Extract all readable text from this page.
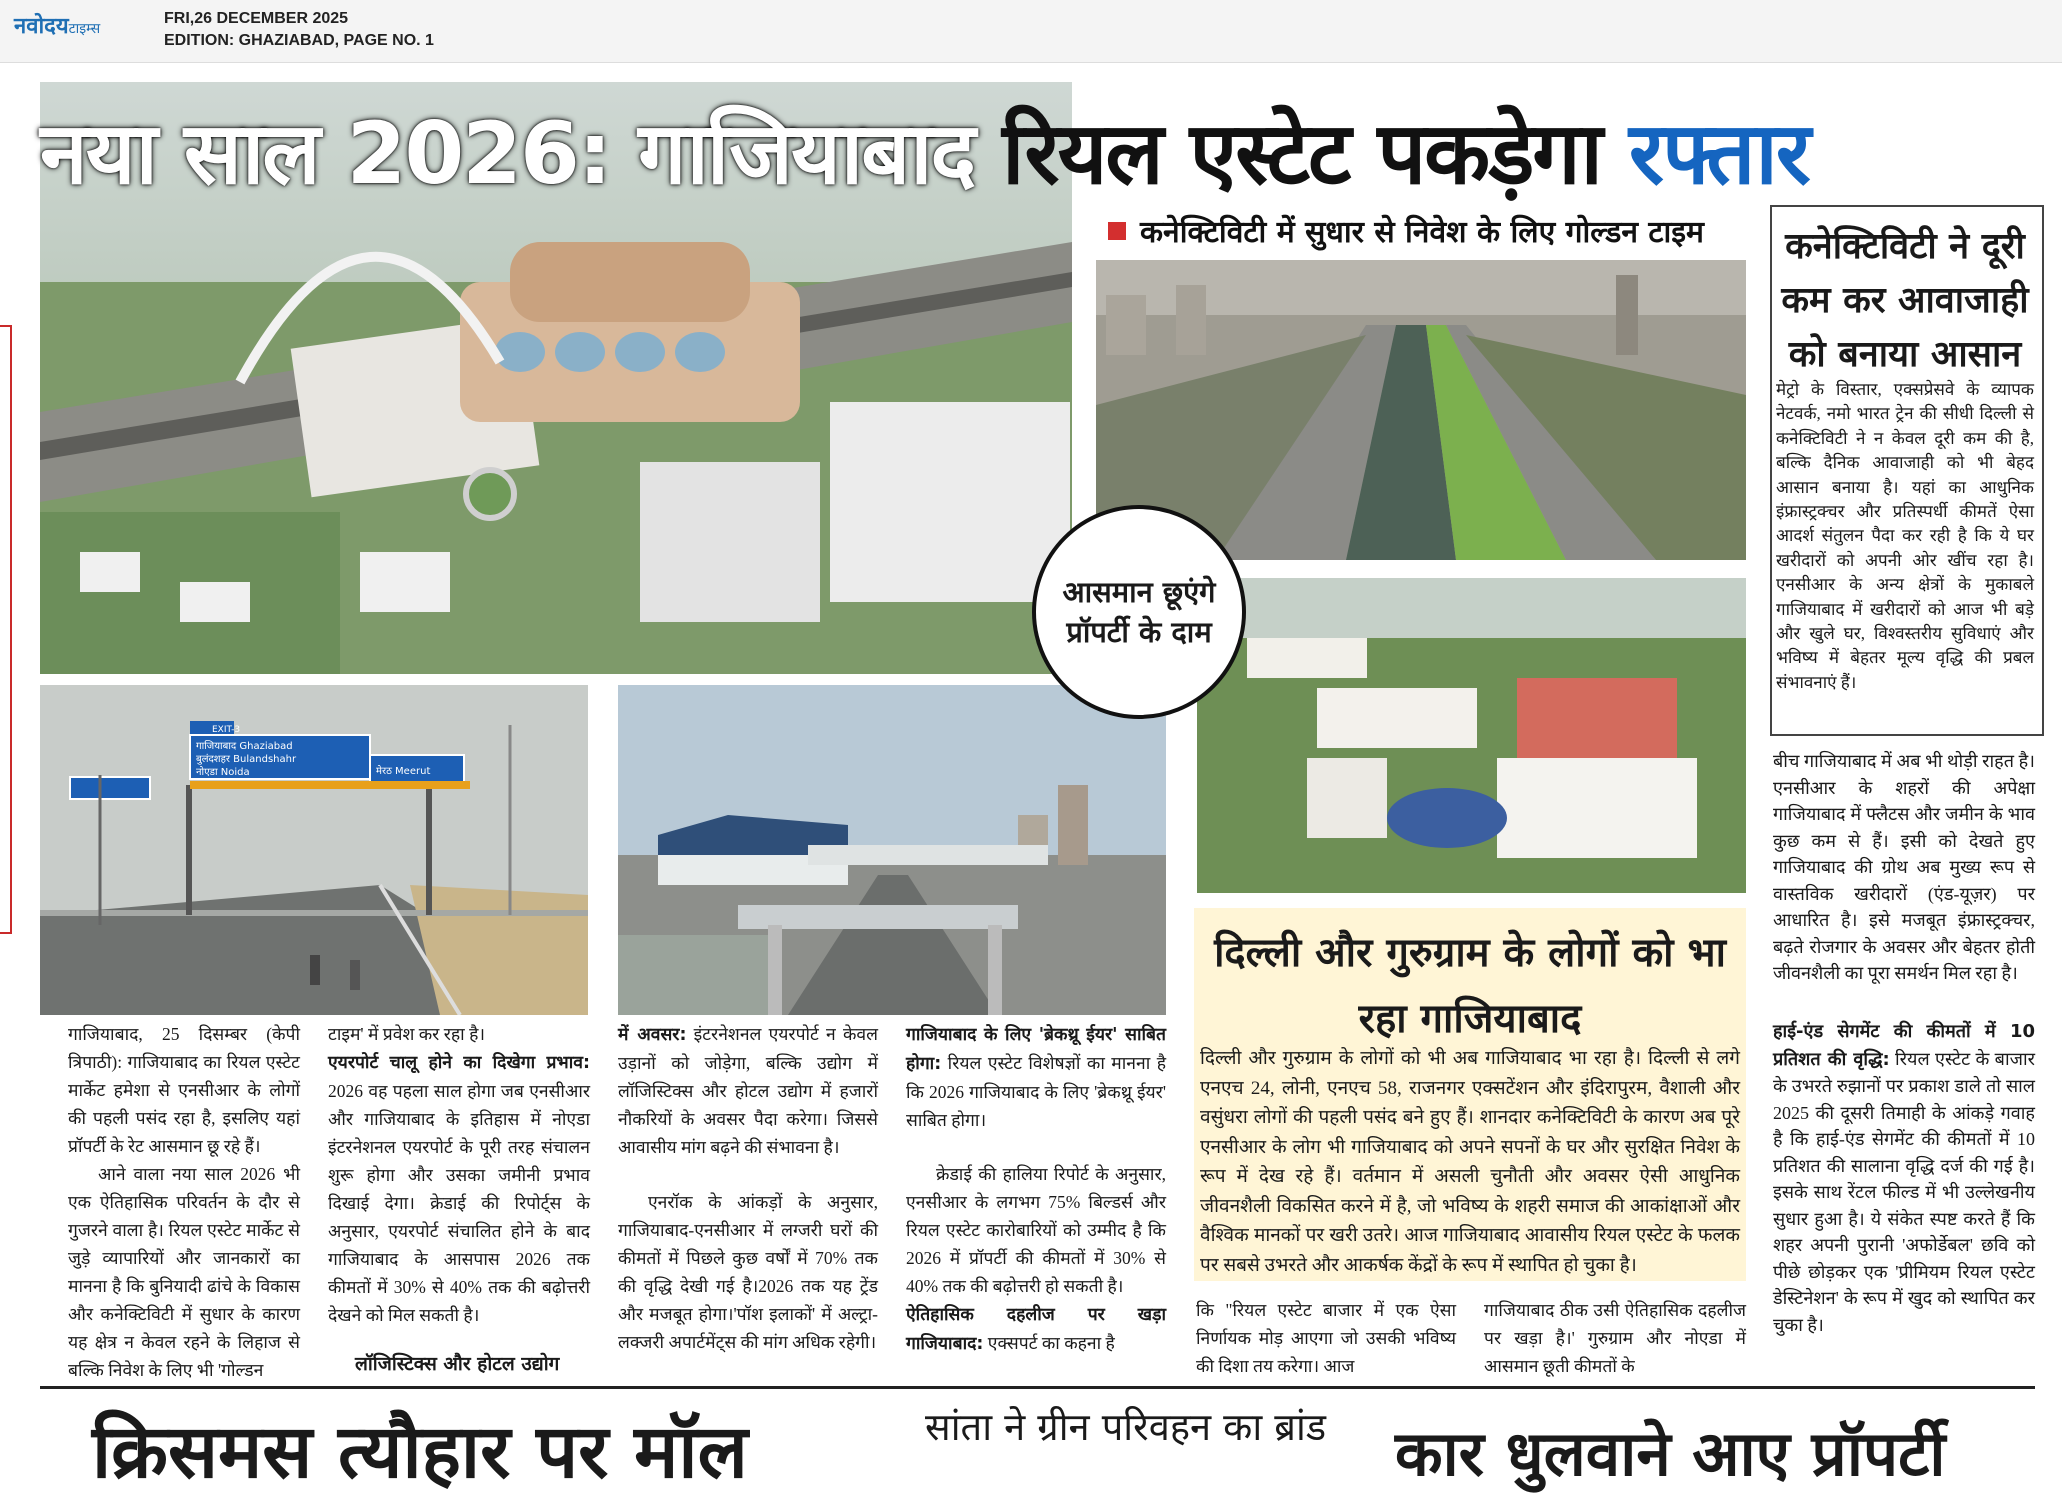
नवोदयटाइम्स
FRI,26 DECEMBER 2025
EDITION: GHAZIABAD, PAGE NO. 1
नया साल 2026: गाजियाबाद रियल एस्टेट पकड़ेगा रफ्तार
कनेक्टिविटी में सुधार से निवेश के लिए गोल्डन टाइम
आसमान छूएंगे प्रॉपर्टी के दाम
कनेक्टिविटी ने दूरी कम कर आवाजाही को बनाया आसान
मेट्रो के विस्तार, एक्सप्रेसवे के व्यापक नेटवर्क, नमो भारत ट्रेन की सीधी दिल्ली से कनेक्टिविटी ने न केवल दूरी कम की है, बल्कि दैनिक आवाजाही को भी बेहद आसान बनाया है। यहां का आधुनिक इंफ्रास्ट्रक्चर और प्रतिस्पर्धी कीमतें ऐसा आदर्श संतुलन पैदा कर रही है कि ये घर खरीदारों को अपनी ओर खींच रहा है। एनसीआर के अन्य क्षेत्रों के मुकाबले गाजियाबाद में खरीदारों को आज भी बड़े और खुले घर, विश्वस्तरीय सुविधाएं और भविष्य में बेहतर मूल्य वृद्धि की प्रबल संभावनाएं हैं।
बीच गाजियाबाद में अब भी थोड़ी राहत है। एनसीआर के शहरों की अपेक्षा गाजियाबाद में फ्लैटस और जमीन के भाव कुछ कम से हैं। इसी को देखते हुए गाजियाबाद की ग्रोथ अब मुख्य रूप से वास्तविक खरीदारों (एंड-यूज़र) पर आधारित है। इसे मजबूत इंफ्रास्ट्रक्चर, बढ़ते रोजगार के अवसर और बेहतर होती जीवनशैली का पूरा समर्थन मिल रहा है।
हाई-एंड सेगमेंट की कीमतों में 10 प्रतिशत की वृद्धि: रियल एस्टेट के बाजार के उभरते रुझानों पर प्रकाश डाले तो साल 2025 की दूसरी तिमाही के आंकड़े गवाह है कि हाई-एंड सेगमेंट की कीमतों में 10 प्रतिशत की सालाना वृद्धि दर्ज की गई है। इसके साथ रेंटल फील्ड में भी उल्लेखनीय सुधार हुआ है। ये संकेत स्पष्ट करते हैं कि शहर अपनी पुरानी 'अफोर्डेबल' छवि को पीछे छोड़कर एक 'प्रीमियम रियल एस्टेट डेस्टिनेशन' के रूप में खुद को स्थापित कर चुका है।
EXIT-3
गाजियाबाद Ghaziabad
बुलंदशहर Bulandshahr
नोएडा Noida	मेरठ Meerut
गाजियाबाद, 25 दिसम्बर (केपी त्रिपाठी): गाजियाबाद का रियल एस्टेट मार्केट हमेशा से एनसीआर के लोगों की पहली पसंद रहा है, इसलिए यहां प्रॉपर्टी के रेट आसमान छू रहे हैं।
आने वाला नया साल 2026 भी एक ऐतिहासिक परिवर्तन के दौर से गुजरने वाला है। रियल एस्टेट मार्केट से जुड़े व्यापारियों और जानकारों का मानना है कि बुनियादी ढांचे के विकास और कनेक्टिविटी में सुधार के कारण यह क्षेत्र न केवल रहने के लिहाज से बल्कि निवेश के लिए भी 'गोल्डन
टाइम' में प्रवेश कर रहा है।
एयरपोर्ट चालू होने का दिखेगा प्रभाव: 2026 वह पहला साल होगा जब एनसीआर और गाजियाबाद के इतिहास में नोएडा इंटरनेशनल एयरपोर्ट के पूरी तरह संचालन शुरू होगा और उसका जमीनी प्रभाव दिखाई देगा। क्रेडाई की रिपोर्ट्स के अनुसार, एयरपोर्ट संचालित होने के बाद गाजियाबाद के आसपास 2026 तक कीमतों में 30% से 40% तक की बढ़ोत्तरी देखने को मिल सकती है।
लॉजिस्टिक्स और होटल उद्योग
में अवसर: इंटरनेशनल एयरपोर्ट न केवल उड़ानों को जोड़ेगा, बल्कि उद्योग में लॉजिस्टिक्स और होटल उद्योग में हजारों नौकरियों के अवसर पैदा करेगा। जिससे आवासीय मांग बढ़ने की संभावना है।
एनरॉक के आंकड़ों के अनुसार, गाजियाबाद-एनसीआर में लग्जरी घरों की कीमतों में पिछले कुछ वर्षों में 70% तक की वृद्धि देखी गई है।2026 तक यह ट्रेंड और मजबूत होगा।'पॉश इलाकों' में अल्ट्रा-लक्जरी अपार्टमेंट्स की मांग अधिक रहेगी।
गाजियाबाद के लिए 'ब्रेकथ्रू ईयर' साबित होगा: रियल एस्टेट विशेषज्ञों का मानना है कि 2026 गाजियाबाद के लिए 'ब्रेकथ्रू ईयर' साबित होगा।
क्रेडाई की हालिया रिपोर्ट के अनुसार, एनसीआर के लगभग 75% बिल्डर्स और रियल एस्टेट कारोबारियों को उम्मीद है कि 2026 में प्रॉपर्टी की कीमतों में 30% से 40% तक की बढ़ोत्तरी हो सकती है।
ऐतिहासिक दहलीज पर खड़ा गाजियाबाद: एक्सपर्ट का कहना है
दिल्ली और गुरुग्राम के लोगों को भा रहा गाजियाबाद
दिल्ली और गुरुग्राम के लोगों को भी अब गाजियाबाद भा रहा है। दिल्ली से लगे एनएच 24, लोनी, एनएच 58, राजनगर एक्सटेंशन और इंदिरापुरम, वैशाली और वसुंधरा लोगों की पहली पसंद बने हुए हैं। शानदार कनेक्टिविटी के कारण अब पूरे एनसीआर के लोग भी गाजियाबाद को अपने सपनों के घर और सुरक्षित निवेश के रूप में देख रहे हैं। वर्तमान में असली चुनौती और अवसर ऐसी आधुनिक जीवनशैली विकसित करने में है, जो भविष्य के शहरी समाज की आकांक्षाओं और वैश्विक मानकों पर खरी उतरे। आज गाजियाबाद आवासीय रियल एस्टेट के फलक पर सबसे उभरते और आकर्षक केंद्रों के रूप में स्थापित हो चुका है।
कि "रियल एस्टेट बाजार में एक ऐसा निर्णायक मोड़ आएगा जो उसकी भविष्य की दिशा तय करेगा। आज
गाजियाबाद ठीक उसी ऐतिहासिक दहलीज पर खड़ा है।' गुरुग्राम और नोएडा में आसमान छूती कीमतों के
क्रिसमस त्यौहार पर मॉल	सांता ने ग्रीन परिवहन का ब्रांड कार धुलवाने आए प्रॉपर्टी
